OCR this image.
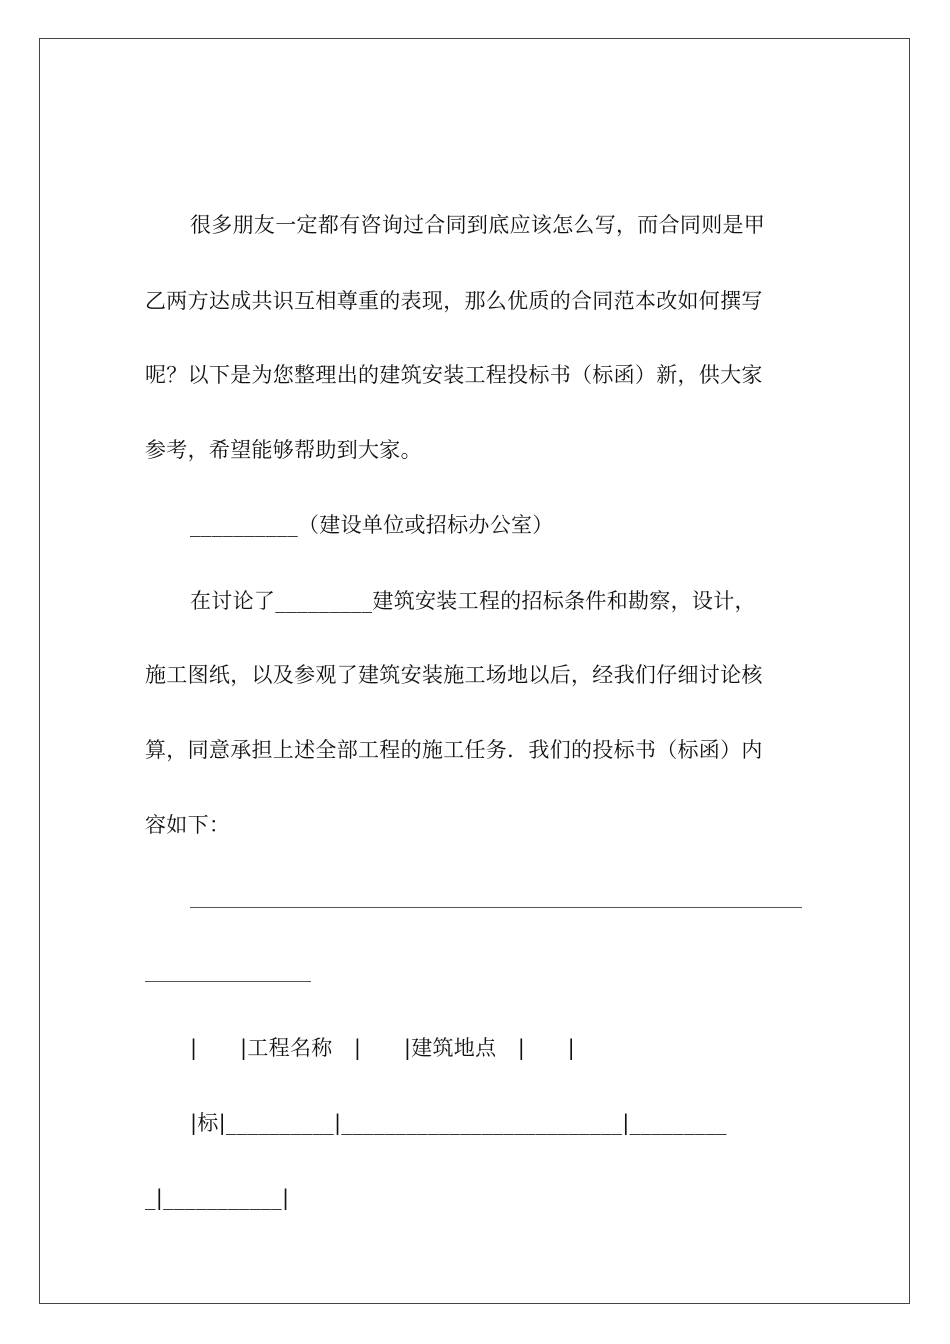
很多朋友一定都有咨询过合同到底应该怎么写，而合同则是甲
乙两方达成共识互相尊重的表现，那么优质的合同范本改如何撰写
呢？以下是为您整理出的建筑安装工程投标书（标函）新，供大家
参考，希望能够帮助到大家。
__________（建设单位或招标办公室）
在讨论了_________建筑安装工程的招标条件和勘察，设计，
施工图纸，以及参观了建筑安装施工场地以后，经我们仔细讨论核
算，同意承担上述全部工程的施工任务．我们的投标书（标函）内
容如下：
|　　|工程名称　|　　|建筑地点　|　　|
|标|__________|__________________________|_________
_|___________|
